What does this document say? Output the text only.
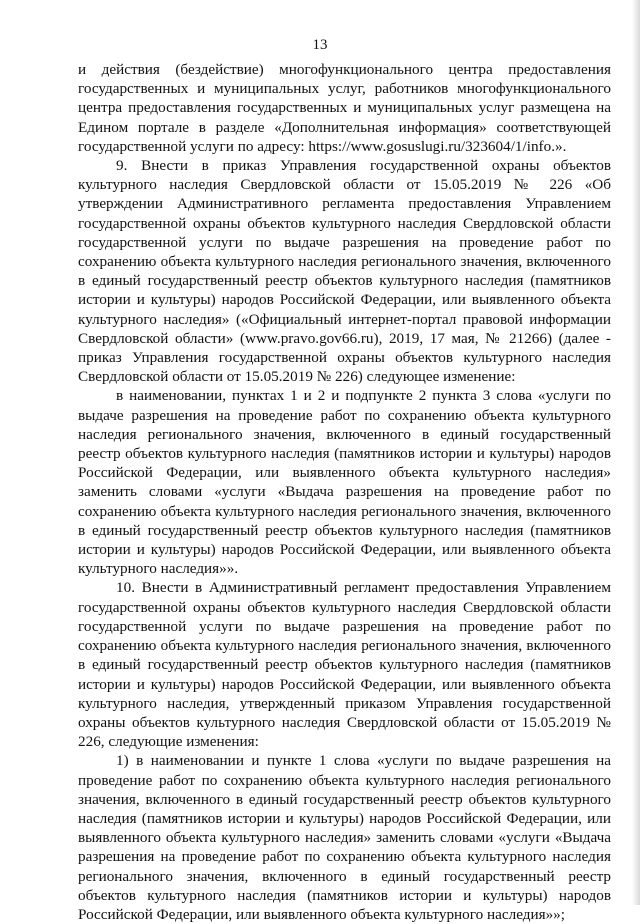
13

и действия (бездействие) многофункционального центра предоставления государственных и муниципальных услуг, работников многофункционального центра предоставления государственных и муниципальных услуг размещена на Едином портале в разделе «Дополнительная информация» соответствующей государственной услуги по адресу: https://www.gosuslugi.ru/323604/1/info.».

9. Внести в приказ Управления государственной охраны объектов культурного наследия Свердловской области от 15.05.2019 № 226 «Об утверждении Административного регламента предоставления Управлением государственной охраны объектов культурного наследия Свердловской области государственной услуги по выдаче разрешения на проведение работ по сохранению объекта культурного наследия регионального значения, включенного в единый государственный реестр объектов культурного наследия (памятников истории и культуры) народов Российской Федерации, или выявленного объекта культурного наследия» («Официальный интернет-портал правовой информации Свердловской области» (www.pravo.gov66.ru), 2019, 17 мая, № 21266) (далее - приказ Управления государственной охраны объектов культурного наследия Свердловской области от 15.05.2019 № 226) следующее изменение:

в наименовании, пунктах 1 и 2 и подпункте 2 пункта 3 слова «услуги по выдаче разрешения на проведение работ по сохранению объекта культурного наследия регионального значения, включенного в единый государственный реестр объектов культурного наследия (памятников истории и культуры) народов Российской Федерации, или выявленного объекта культурного наследия» заменить словами «услуги «Выдача разрешения на проведение работ по сохранению объекта культурного наследия регионального значения, включенного в единый государственный реестр объектов культурного наследия (памятников истории и культуры) народов Российской Федерации, или выявленного объекта культурного наследия»».

10. Внести в Административный регламент предоставления Управлением государственной охраны объектов культурного наследия Свердловской области государственной услуги по выдаче разрешения на проведение работ по сохранению объекта культурного наследия регионального значения, включенного в единый государственный реестр объектов культурного наследия (памятников истории и культуры) народов Российской Федерации, или выявленного объекта культурного наследия, утвержденный приказом Управления государственной охраны объектов культурного наследия Свердловской области от 15.05.2019 № 226, следующие изменения:

1) в наименовании и пункте 1 слова «услуги по выдаче разрешения на проведение работ по сохранению объекта культурного наследия регионального значения, включенного в единый государственный реестр объектов культурного наследия (памятников истории и культуры) народов Российской Федерации, или выявленного объекта культурного наследия» заменить словами «услуги «Выдача разрешения на проведение работ по сохранению объекта культурного наследия регионального значения, включенного в единый государственный реестр объектов культурного наследия (памятников истории и культуры) народов Российской Федерации, или выявленного объекта культурного наследия»»;
